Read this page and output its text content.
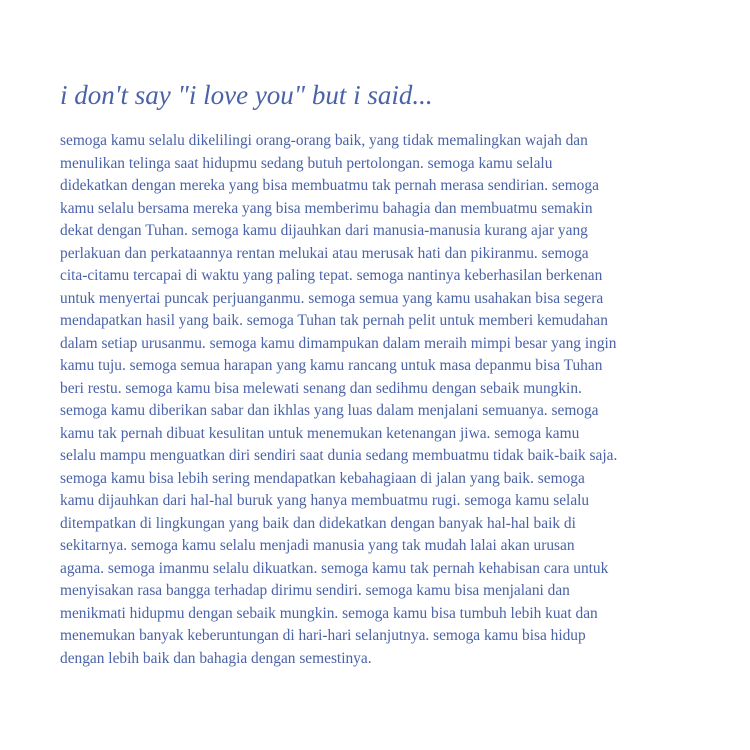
i don't say "i love you" but i said...

semoga kamu selalu dikelilingi orang-orang baik, yang tidak memalingkan wajah dan
menulikan telinga saat hidupmu sedang butuh pertolongan. semoga kamu selalu
didekatkan dengan mereka yang bisa membuatmu tak pernah merasa sendirian. semoga
kamu selalu bersama mereka yang bisa memberimu bahagia dan membuatmu semakin
dekat dengan Tuhan. semoga kamu dijauhkan dari manusia-manusia kurang ajar yang
perlakuan dan perkataannya rentan melukai atau merusak hati dan pikiranmu. semoga
cita-citamu tercapai di waktu yang paling tepat. semoga nantinya keberhasilan berkenan
untuk menyertai puncak perjuanganmu. semoga semua yang kamu usahakan bisa segera
mendapatkan hasil yang baik. semoga Tuhan tak pernah pelit untuk memberi kemudahan
dalam setiap urusanmu. semoga kamu dimampukan dalam meraih mimpi besar yang ingin
kamu tuju. semoga semua harapan yang kamu rancang untuk masa depanmu bisa Tuhan
beri restu. semoga kamu bisa melewati senang dan sedihmu dengan sebaik mungkin.
semoga kamu diberikan sabar dan ikhlas yang luas dalam menjalani semuanya. semoga
kamu tak pernah dibuat kesulitan untuk menemukan ketenangan jiwa. semoga kamu
selalu mampu menguatkan diri sendiri saat dunia sedang membuatmu tidak baik-baik saja.
semoga kamu bisa lebih sering mendapatkan kebahagiaan di jalan yang baik. semoga
kamu dijauhkan dari hal-hal buruk yang hanya membuatmu rugi. semoga kamu selalu
ditempatkan di lingkungan yang baik dan didekatkan dengan banyak hal-hal baik di
sekitarnya. semoga kamu selalu menjadi manusia yang tak mudah lalai akan urusan
agama. semoga imanmu selalu dikuatkan. semoga kamu tak pernah kehabisan cara untuk
menyisakan rasa bangga terhadap dirimu sendiri. semoga kamu bisa menjalani dan
menikmati hidupmu dengan sebaik mungkin. semoga kamu bisa tumbuh lebih kuat dan
menemukan banyak keberuntungan di hari-hari selanjutnya. semoga kamu bisa hidup
dengan lebih baik dan bahagia dengan semestinya.
